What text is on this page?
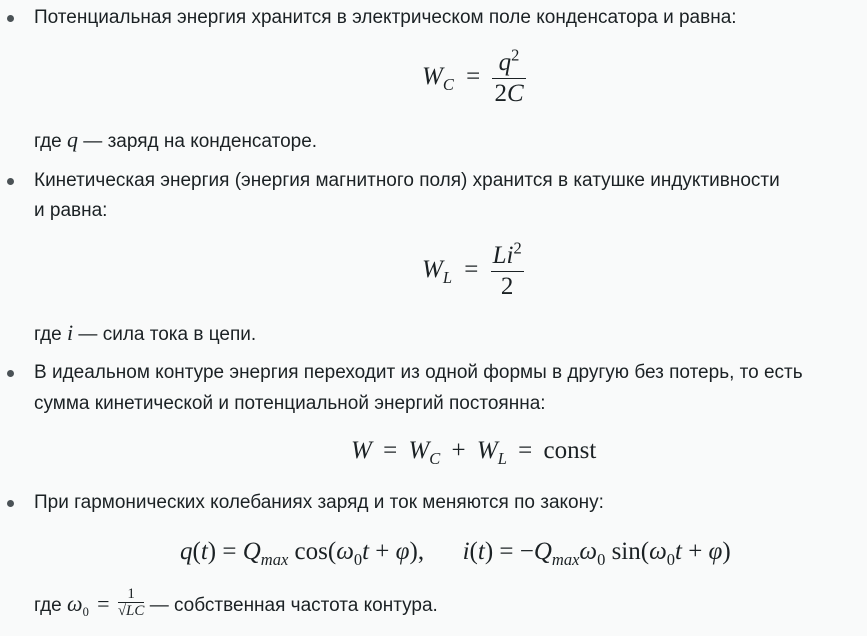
Потенциальная энергия хранится в электрическом поле конденсатора и равна:
$W_C = \frac{q^2}{2C}$
где q — заряд на конденсаторе.
Кинетическая энергия (энергия магнитного поля) хранится в катушке индуктивности
и равна:
$W_L = \frac{Li^2}{2}$
где i — сила тока в цепи.
В идеальном контуре энергия переходит из одной формы в другую без потерь, то есть
сумма кинетической и потенциальной энергий постоянна:
$W = W_C + W_L$ = const
При гармонических колебаниях заряд и ток меняются по закону:
$q(t) = Q_{max}$ $\cos(\omega_0t + \varphi)$, $i(t) = -Q_{max}\omega_0$ $\sin(\omega_0t + \varphi)$
где $\omega_0 = \frac{1}{√LC}$ — собственная частота контура.
